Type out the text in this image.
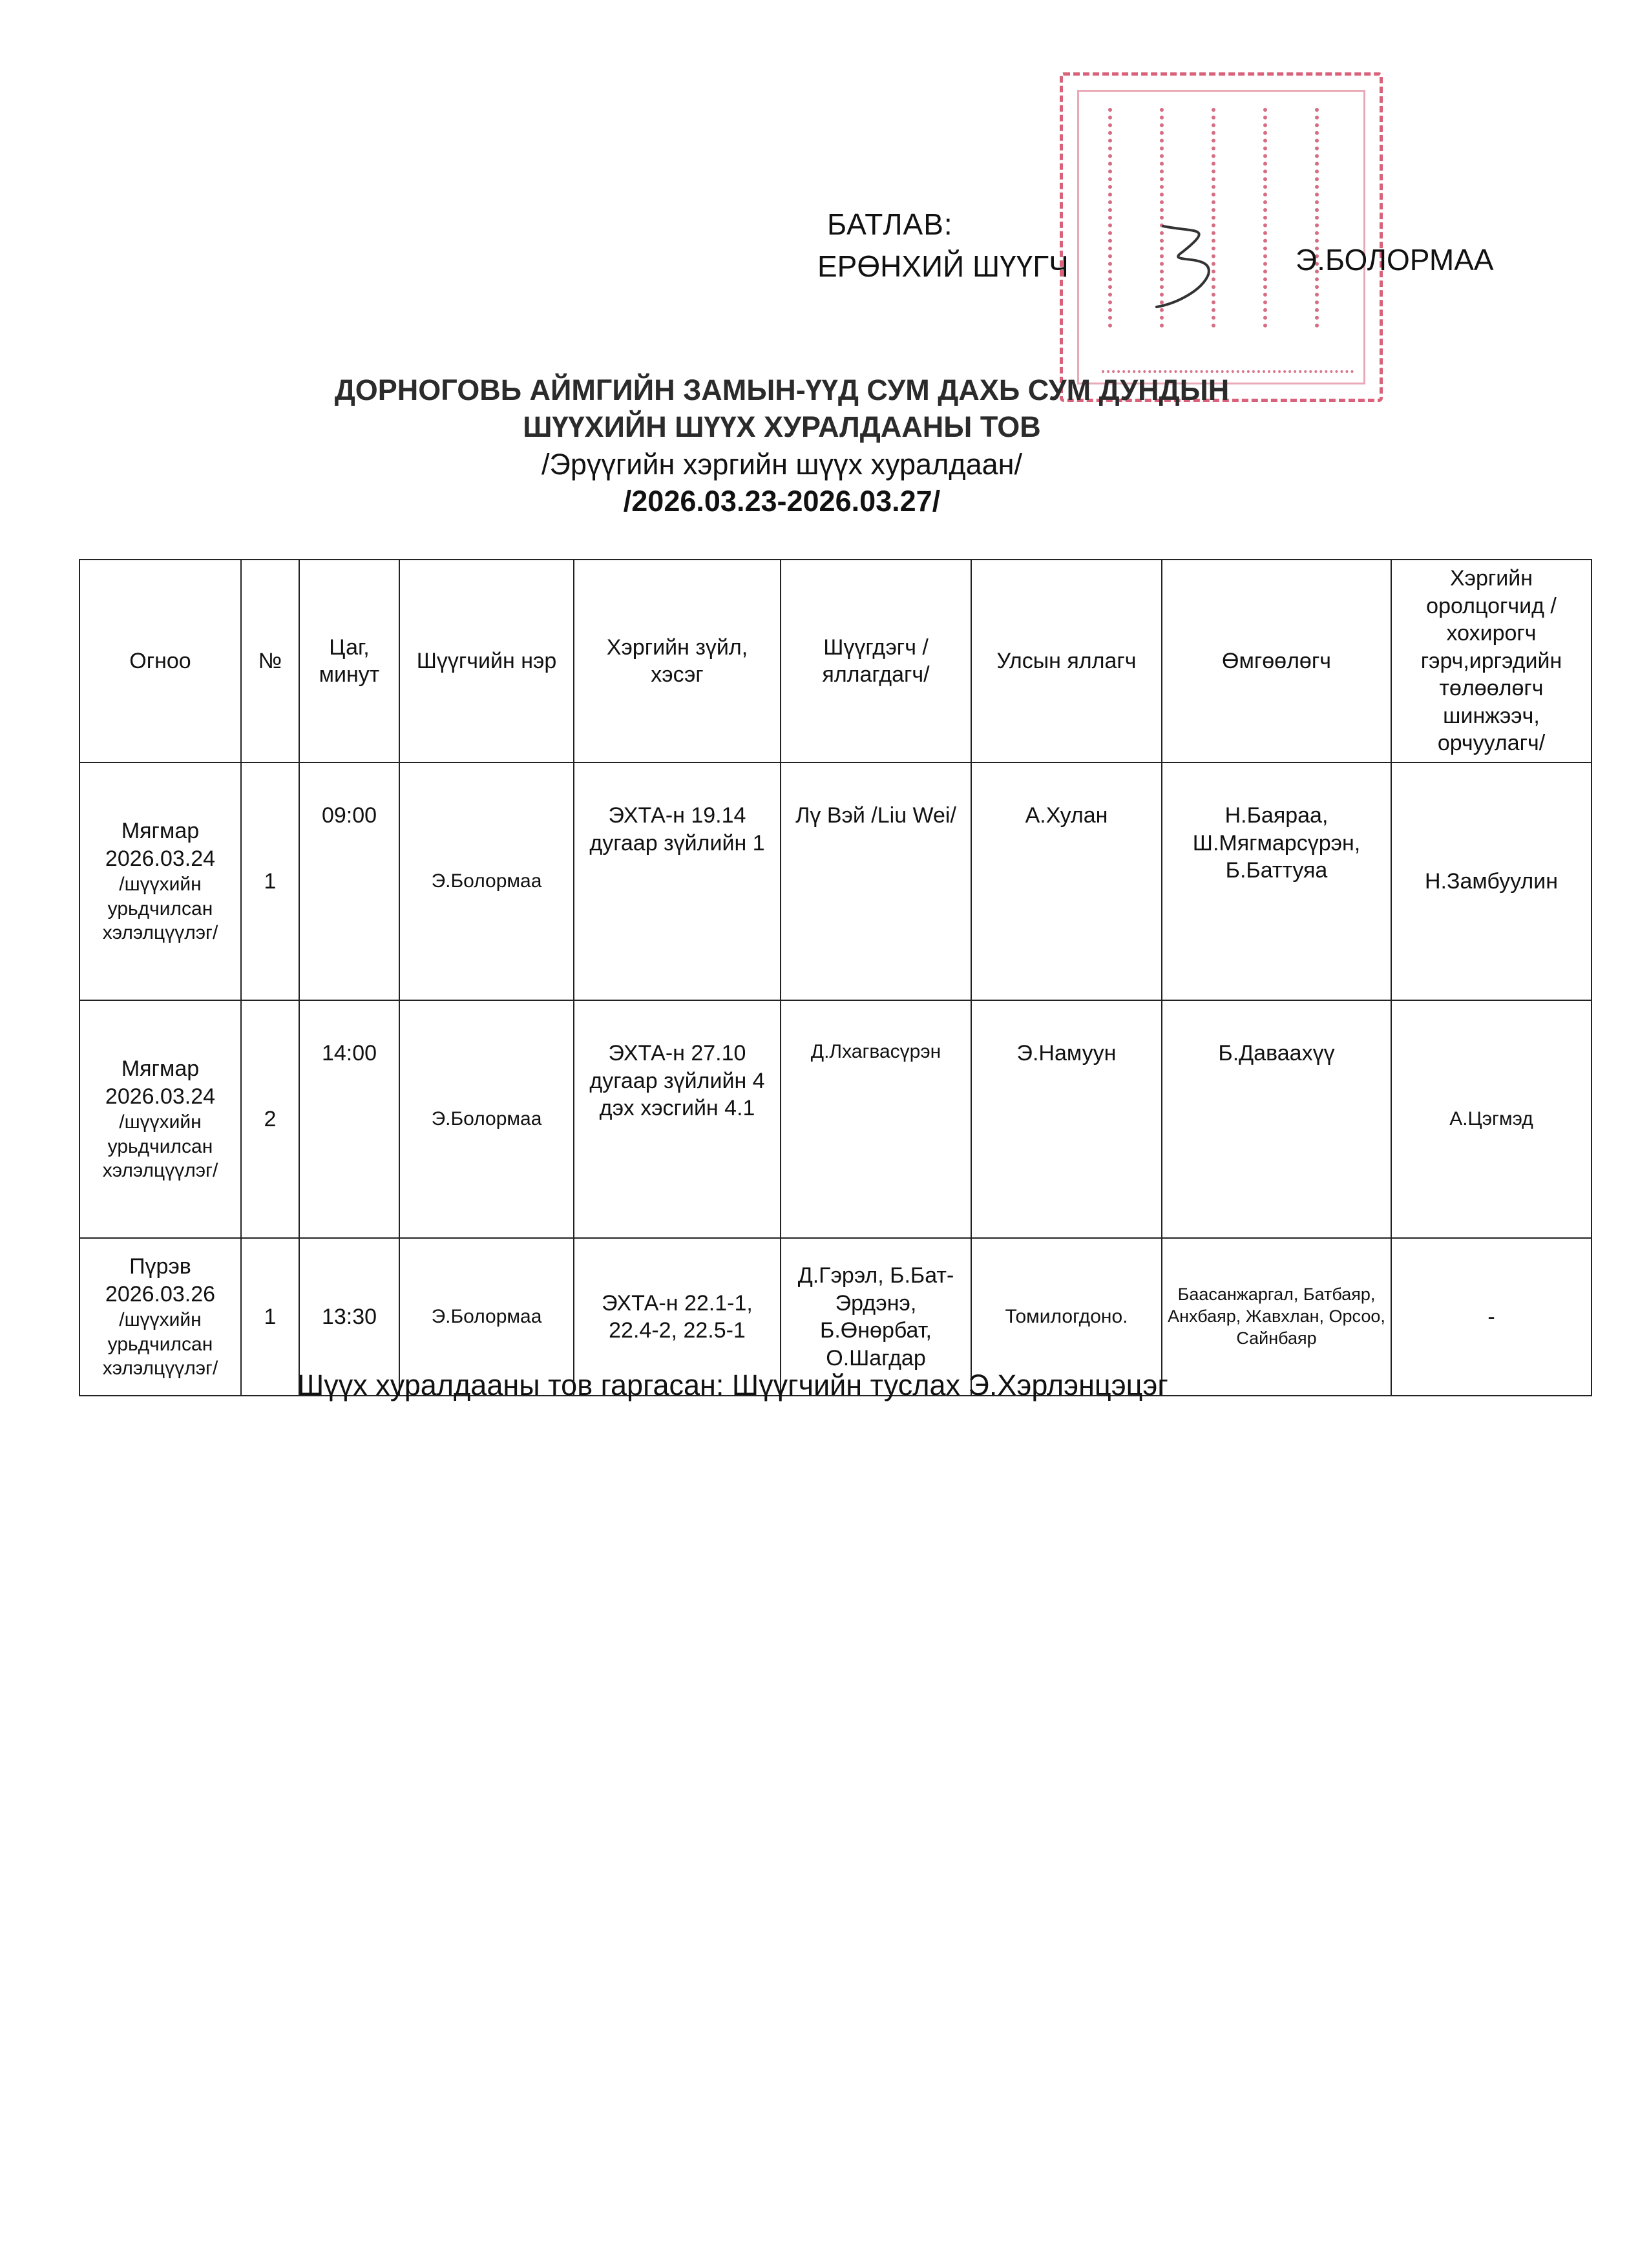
БАТЛАВ:
ЕРӨНХИЙ ШҮҮГЧ	Э.БОЛОРМАА
ДОРНОГОВЬ АЙМГИЙН ЗАМЫН-ҮҮД СУМ ДАХЬ СУМ ДУНДЫН
ШҮҮХИЙН ШҮҮХ ХУРАЛДААНЫ ТОВ
/Эрүүгийн хэргийн шүүх хуралдаан/
/2026.03.23-2026.03.27/
Огноо	№	Цаг, минут	Шүүгчийн нэр	Хэргийн зүйл, хэсэг	Шүүгдэгч /яллагдагч/	Улсын яллагч	Өмгөөлөгч	Хэргийн оролцогчид /хохирогч гэрч,иргэдийн төлөөлөгч шинжээч, орчуулагч/

Мягмар
2026.03.24
/шүүхийн урьдчилсан хэлэлцүүлэг/	1	09:00	Э.Болормаа	ЭХТА-н 19.14 дугаар зүйлийн 1	Лү Вэй /Liu Wei/	А.Хулан	Н.Баяраа, Ш.Мягмарсүрэн, Б.Баттуяа	Н.Замбуулин

Мягмар
2026.03.24
/шүүхийн урьдчилсан хэлэлцүүлэг/	2	14:00	Э.Болормаа	ЭХТА-н 27.10 дугаар зүйлийн 4 дэх хэсгийн 4.1	Д.Лхагвасүрэн	Э.Намуун	Б.Даваахүү	А.Цэгмэд

Пүрэв
2026.03.26
/шүүхийн урьдчилсан хэлэлцүүлэг/	1	13:30	Э.Болормаа	ЭХТА-н 22.1-1, 22.4-2, 22.5-1	Д.Гэрэл, Б.Бат-Эрдэнэ, Б.Өнөрбат, О.Шагдар	Томилогдоно.	Баасанжаргал, Батбаяр, Анхбаяр, Жавхлан, Орсоо, Сайнбаяр	-
Шүүх хуралдааны тов гаргасан: Шүүгчийн туслах Э.Хэрлэнцэцэг
